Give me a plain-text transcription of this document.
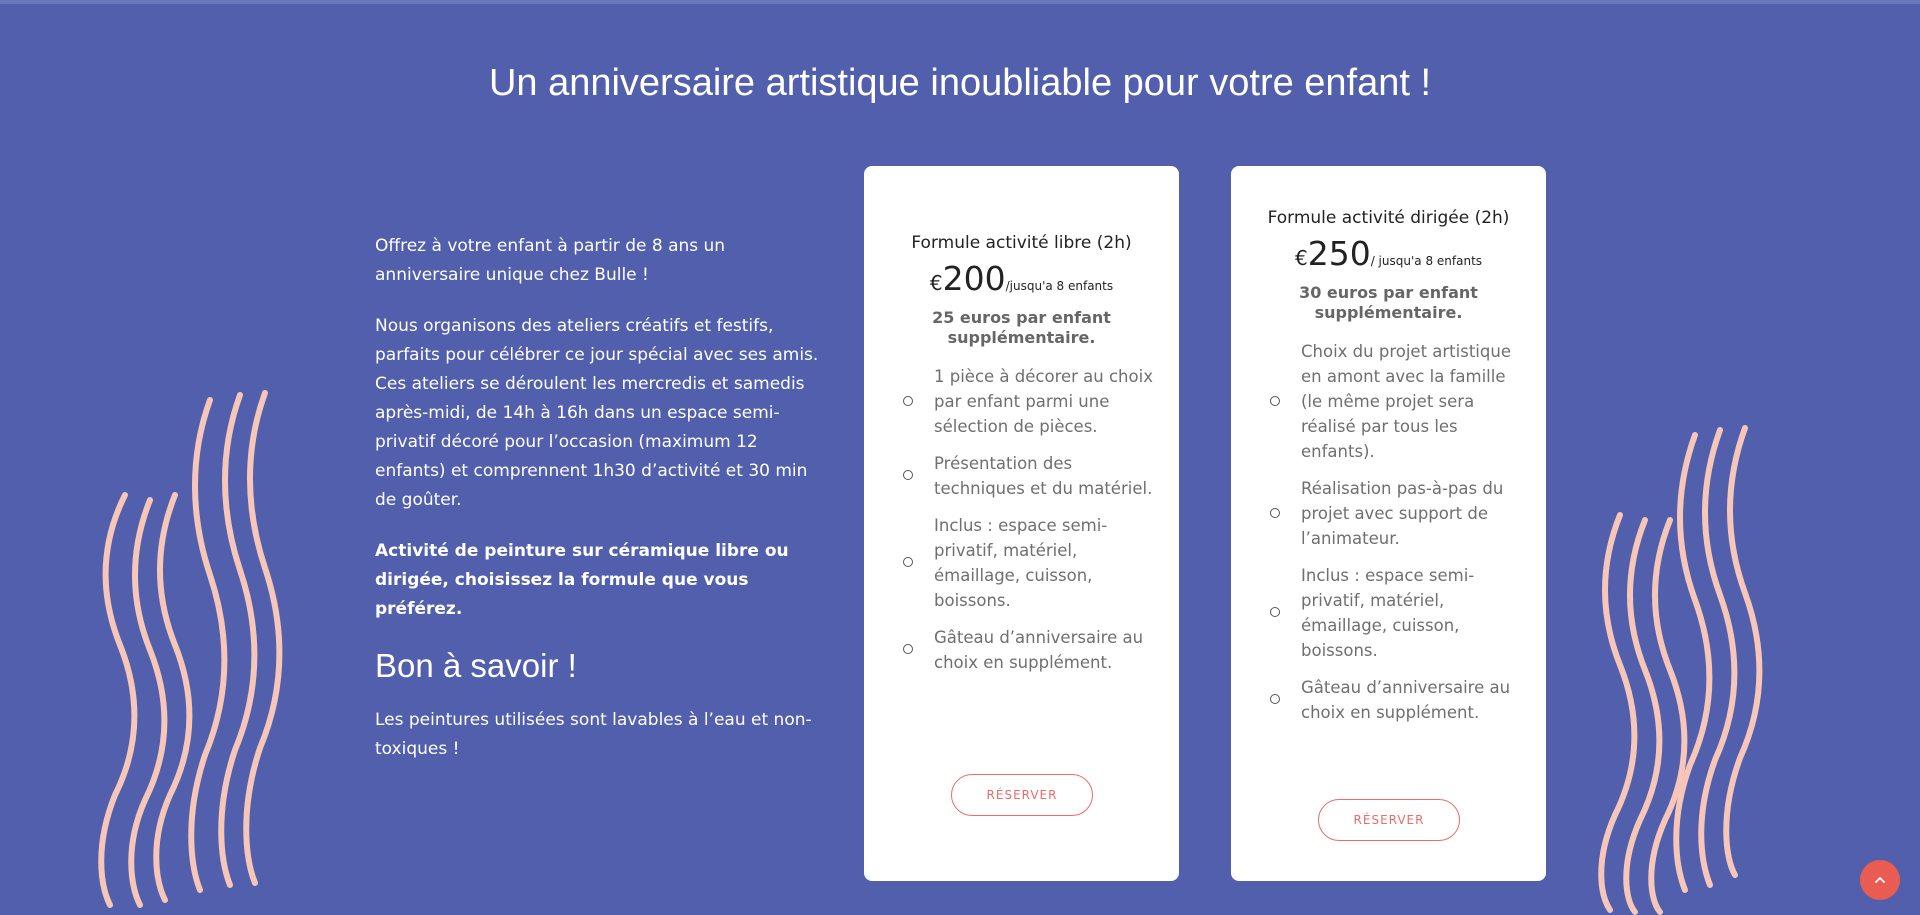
Un anniversaire artistique inoubliable pour votre enfant !

Offrez à votre enfant à partir de 8 ans un anniversaire unique chez Bulle !

Nous organisons des ateliers créatifs et festifs, parfaits pour célébrer ce jour spécial avec ses amis. Ces ateliers se déroulent les mercredis et samedis après-midi, de 14h à 16h dans un espace semi-privatif décoré pour l’occasion (maximum 12 enfants) et comprennent 1h30 d’activité et 30 min de goûter.

Activité de peinture sur céramique libre ou dirigée, choisissez la formule que vous préférez.

Bon à savoir !

Les peintures utilisées sont lavables à l’eau et non-toxiques !

Formule activité libre (2h)

€200/jusqu'a 8 enfants

25 euros par enfant supplémentaire.

1 pièce à décorer au choix par enfant parmi une sélection de pièces.
Présentation des techniques et du matériel.
Inclus : espace semi-privatif, matériel, émaillage, cuisson, boissons.
Gâteau d’anniversaire au choix en supplément.
RÉSERVER

Formule activité dirigée (2h)

€250/ jusqu'a 8 enfants

30 euros par enfant supplémentaire.

Choix du projet artistique en amont avec la famille (le même projet sera réalisé par tous les enfants).
Réalisation pas-à-pas du projet avec support de l’animateur.
Inclus : espace semi-privatif, matériel, émaillage, cuisson, boissons.
Gâteau d’anniversaire au choix en supplément.
RÉSERVER
